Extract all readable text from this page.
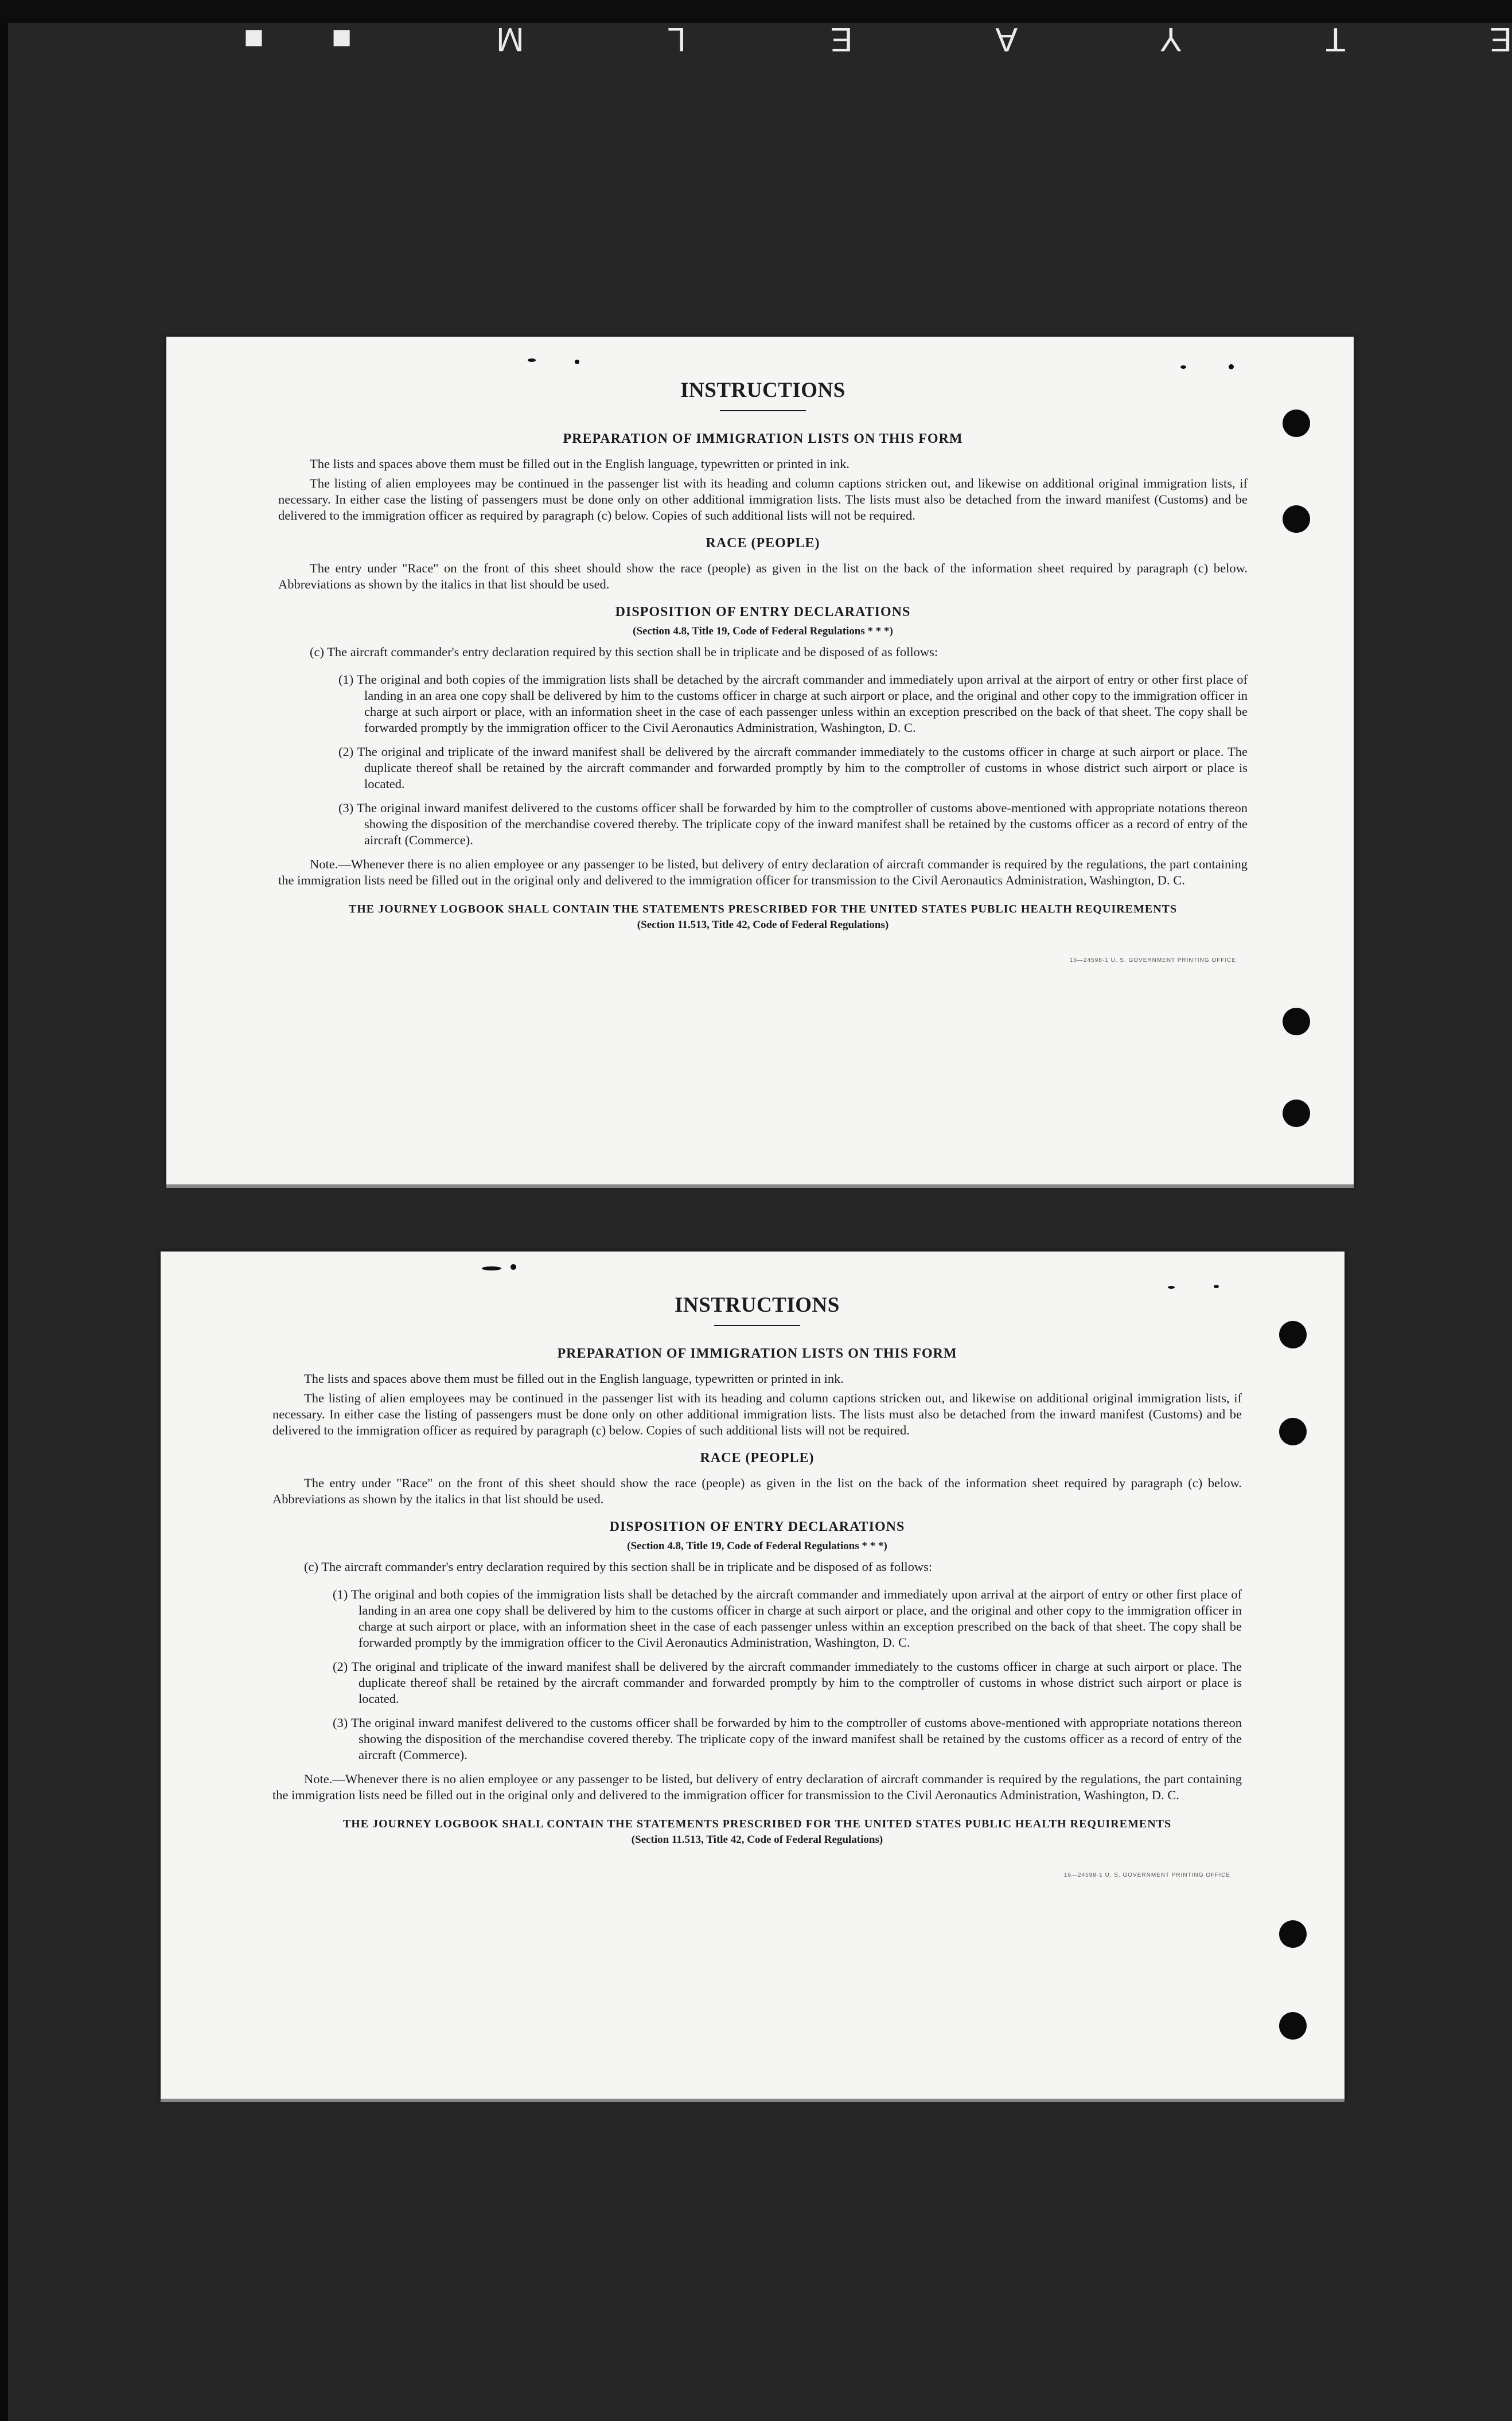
E T Y A E L M ■■
INSTRUCTIONS
PREPARATION OF IMMIGRATION LISTS ON THIS FORM

The lists and spaces above them must be filled out in the English language, typewritten or printed in ink.

The listing of alien employees may be continued in the passenger list with its heading and column captions stricken out, and likewise on additional original immigration lists, if necessary. In either case the listing of passengers must be done only on other additional immigration lists. The lists must also be detached from the inward manifest (Customs) and be delivered to the immigration officer as required by paragraph (c) below. Copies of such additional lists will not be required.

RACE (PEOPLE)

The entry under "Race" on the front of this sheet should show the race (people) as given in the list on the back of the information sheet required by paragraph (c) below. Abbreviations as shown by the italics in that list should be used.

DISPOSITION OF ENTRY DECLARATIONS
(Section 4.8, Title 19, Code of Federal Regulations * * *)

(c) The aircraft commander's entry declaration required by this section shall be in triplicate and be disposed of as follows:

(1) The original and both copies of the immigration lists shall be detached by the aircraft commander and immediately upon arrival at the airport of entry or other first place of landing in an area one copy shall be delivered by him to the customs officer in charge at such airport or place, and the original and other copy to the immigration officer in charge at such airport or place, with an information sheet in the case of each passenger unless within an exception prescribed on the back of that sheet. The copy shall be forwarded promptly by the immigration officer to the Civil Aeronautics Administration, Washington, D. C.

(2) The original and triplicate of the inward manifest shall be delivered by the aircraft commander immediately to the customs officer in charge at such airport or place. The duplicate thereof shall be retained by the aircraft commander and forwarded promptly by him to the comptroller of customs in whose district such airport or place is located.

(3) The original inward manifest delivered to the customs officer shall be forwarded by him to the comptroller of customs above-mentioned with appropriate notations thereon showing the disposition of the merchandise covered thereby. The triplicate copy of the inward manifest shall be retained by the customs officer as a record of entry of the aircraft (Commerce).

Note.—Whenever there is no alien employee or any passenger to be listed, but delivery of entry declaration of aircraft commander is required by the regulations, the part containing the immigration lists need be filled out in the original only and delivered to the immigration officer for transmission to the Civil Aeronautics Administration, Washington, D. C.

THE JOURNEY LOGBOOK SHALL CONTAIN THE STATEMENTS PRESCRIBED FOR THE UNITED STATES PUBLIC HEALTH REQUIREMENTS

(Section 11.513, Title 42, Code of Federal Regulations)

16—24598-1 U. S. GOVERNMENT PRINTING OFFICE
INSTRUCTIONS
PREPARATION OF IMMIGRATION LISTS ON THIS FORM

The lists and spaces above them must be filled out in the English language, typewritten or printed in ink.

The listing of alien employees may be continued in the passenger list with its heading and column captions stricken out, and likewise on additional original immigration lists, if necessary. In either case the listing of passengers must be done only on other additional immigration lists. The lists must also be detached from the inward manifest (Customs) and be delivered to the immigration officer as required by paragraph (c) below. Copies of such additional lists will not be required.

RACE (PEOPLE)

The entry under "Race" on the front of this sheet should show the race (people) as given in the list on the back of the information sheet required by paragraph (c) below. Abbreviations as shown by the italics in that list should be used.

DISPOSITION OF ENTRY DECLARATIONS
(Section 4.8, Title 19, Code of Federal Regulations * * *)

(c) The aircraft commander's entry declaration required by this section shall be in triplicate and be disposed of as follows:

(1) The original and both copies of the immigration lists shall be detached by the aircraft commander and immediately upon arrival at the airport of entry or other first place of landing in an area one copy shall be delivered by him to the customs officer in charge at such airport or place, and the original and other copy to the immigration officer in charge at such airport or place, with an information sheet in the case of each passenger unless within an exception prescribed on the back of that sheet. The copy shall be forwarded promptly by the immigration officer to the Civil Aeronautics Administration, Washington, D. C.

(2) The original and triplicate of the inward manifest shall be delivered by the aircraft commander immediately to the customs officer in charge at such airport or place. The duplicate thereof shall be retained by the aircraft commander and forwarded promptly by him to the comptroller of customs in whose district such airport or place is located.

(3) The original inward manifest delivered to the customs officer shall be forwarded by him to the comptroller of customs above-mentioned with appropriate notations thereon showing the disposition of the merchandise covered thereby. The triplicate copy of the inward manifest shall be retained by the customs officer as a record of entry of the aircraft (Commerce).

Note.—Whenever there is no alien employee or any passenger to be listed, but delivery of entry declaration of aircraft commander is required by the regulations, the part containing the immigration lists need be filled out in the original only and delivered to the immigration officer for transmission to the Civil Aeronautics Administration, Washington, D. C.

THE JOURNEY LOGBOOK SHALL CONTAIN THE STATEMENTS PRESCRIBED FOR THE UNITED STATES PUBLIC HEALTH REQUIREMENTS

(Section 11.513, Title 42, Code of Federal Regulations)

16—24598-1 U. S. GOVERNMENT PRINTING OFFICE
